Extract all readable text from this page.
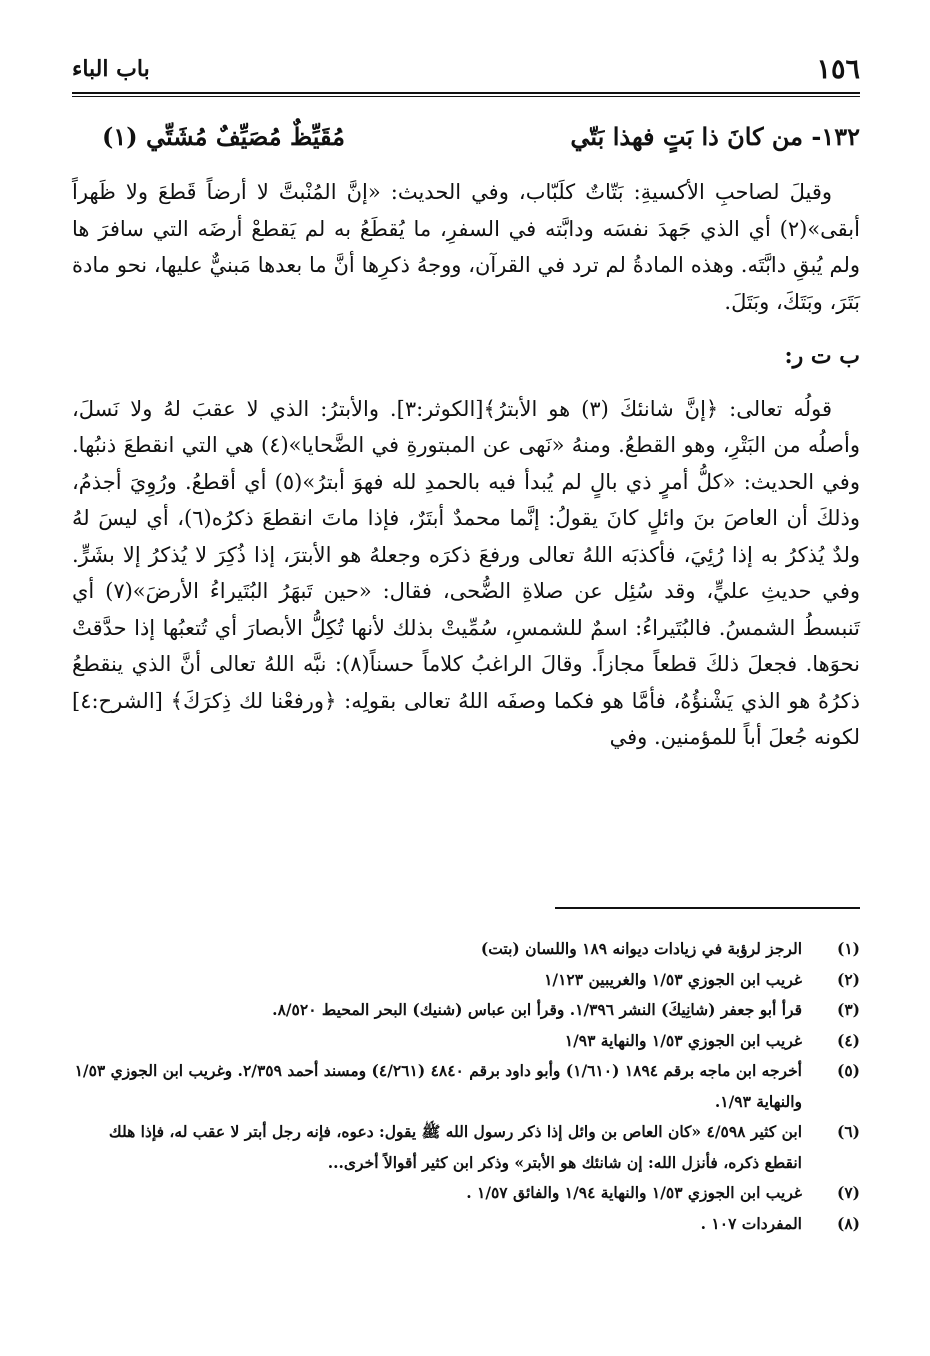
١٥٦
باب الباء
١٣٢- من كانَ ذا بَتٍ فهذا بَتّي
مُقَيِّظٌ مُصَيِّفٌ مُشَتِّي (١)

وقيلَ لصاحبِ الأكسيةِ: بَتّاتٌ كلَبّاب، وفي الحديث: «إنَّ المُنْبتَّ لا أرضاً قَطعَ ولا ظَهراً أبقى»(٢) أي الذي جَهدَ نفسَه ودابَّته في السفرِ، ما يُقطَعُ به لم يَقطعْ أرضَه التي سافرَ ها ولم يُبقِ دابَّتَه. وهذه المادةُ لم ترد في القرآن، ووجهُ ذكرِها أنَّ ما بعدها مَبنيٌّ عليها، نحو مادة بَتَرَ، وبَتَكَ، وبَتَلَ.

ب ت ر:

قولُه تعالى: ﴿إنَّ شانئكَ (٣) هو الأبترُ﴾[الكوثر:٣]. والأبترُ: الذي لا عقبَ لهُ ولا نَسلَ، وأصلُه من البَتْرِ، وهو القطعُ. ومنهُ «نَهى عن المبتورةِ في الضَّحايا»(٤) هي التي انقطعَ ذنبُها. وفي الحديث: «كلُّ أمرٍ ذي بالٍ لم يُبدأ فيه بالحمدِ لله فهوَ أبترُ»(٥) أي أقطعُ. ورُوِيَ أجذمُ، وذلكَ أن العاصَ بنَ وائلٍ كانَ يقولُ: إنَّما محمدٌ أبتَرٌ، فإذا ماتَ انقطعَ ذكرُه(٦)، أي ليسَ لهُ ولدٌ يُذكرُ به إذا رُئِيَ، فأكذبَه اللهُ تعالى ورفعَ ذكرَه وجعلهُ هو الأبترَ، إذا ذُكِرَ لا يُذكرُ إلا بشَرٍّ. وفي حديثِ عليٍّ، وقد سُئِل عن صلاةِ الضُّحى، فقال: «حين تَبهَرُ البُتَيراءُ الأرضَ»(٧) أي تَنبسطُ الشمسُ. فالبُتَيراءُ: اسمٌ للشمسِ، سُمِّيتْ بذلك لأنها تُكِلُّ الأبصارَ أي تُتعبُها إذا حدَّقتْ نحوَها. فجعلَ ذلكَ قطعاً مجازاً. وقالَ الراغبُ كلاماً حسناً(٨): نبَّه اللهُ تعالى أنَّ الذي ينقطعُ ذكرُهُ هو الذي يَشْنؤُهُ، فأمَّا هو فكما وصفَه اللهُ تعالى بقولِه: ﴿ورفعْنا لك ذِكرَكَ﴾ [الشرح:٤] لكونه جُعلَ أباً للمؤمنين. وفي

(١)
الرجز لرؤبة في زيادات ديوانه ١٨٩ واللسان (بتت)
(٢)
غريب ابن الجوزي ١/٥٣ والغريبين ١/١٢٣
(٣)
قرأ أبو جعفر (شانِيكَ) النشر ١/٣٩٦. وقرأ ابن عباس (شنيك) البحر المحيط ٨/٥٢٠.
(٤)
غريب ابن الجوزي ١/٥٣ والنهاية ١/٩٣
(٥)
أخرجه ابن ماجه برقم ١٨٩٤ (١/٦١٠) وأبو داود برقم ٤٨٤٠ (٤/٢٦١) ومسند أحمد ٢/٣٥٩. وغريب ابن الجوزي ١/٥٣ والنهاية ١/٩٣.
(٦)
ابن كثير ٤/٥٩٨ «كان العاص بن وائل إذا ذكر رسول الله ﷺ يقول: دعوه، فإنه رجل أبتر لا عقب له، فإذا هلك انقطع ذكره، فأنزل الله: إن شانئك هو الأبتر» وذكر ابن كثير أقوالاً أخرى...
(٧)
غريب ابن الجوزي ١/٥٣ والنهاية ١/٩٤ والفائق ١/٥٧ .
(٨)
المفردات ١٠٧ .
